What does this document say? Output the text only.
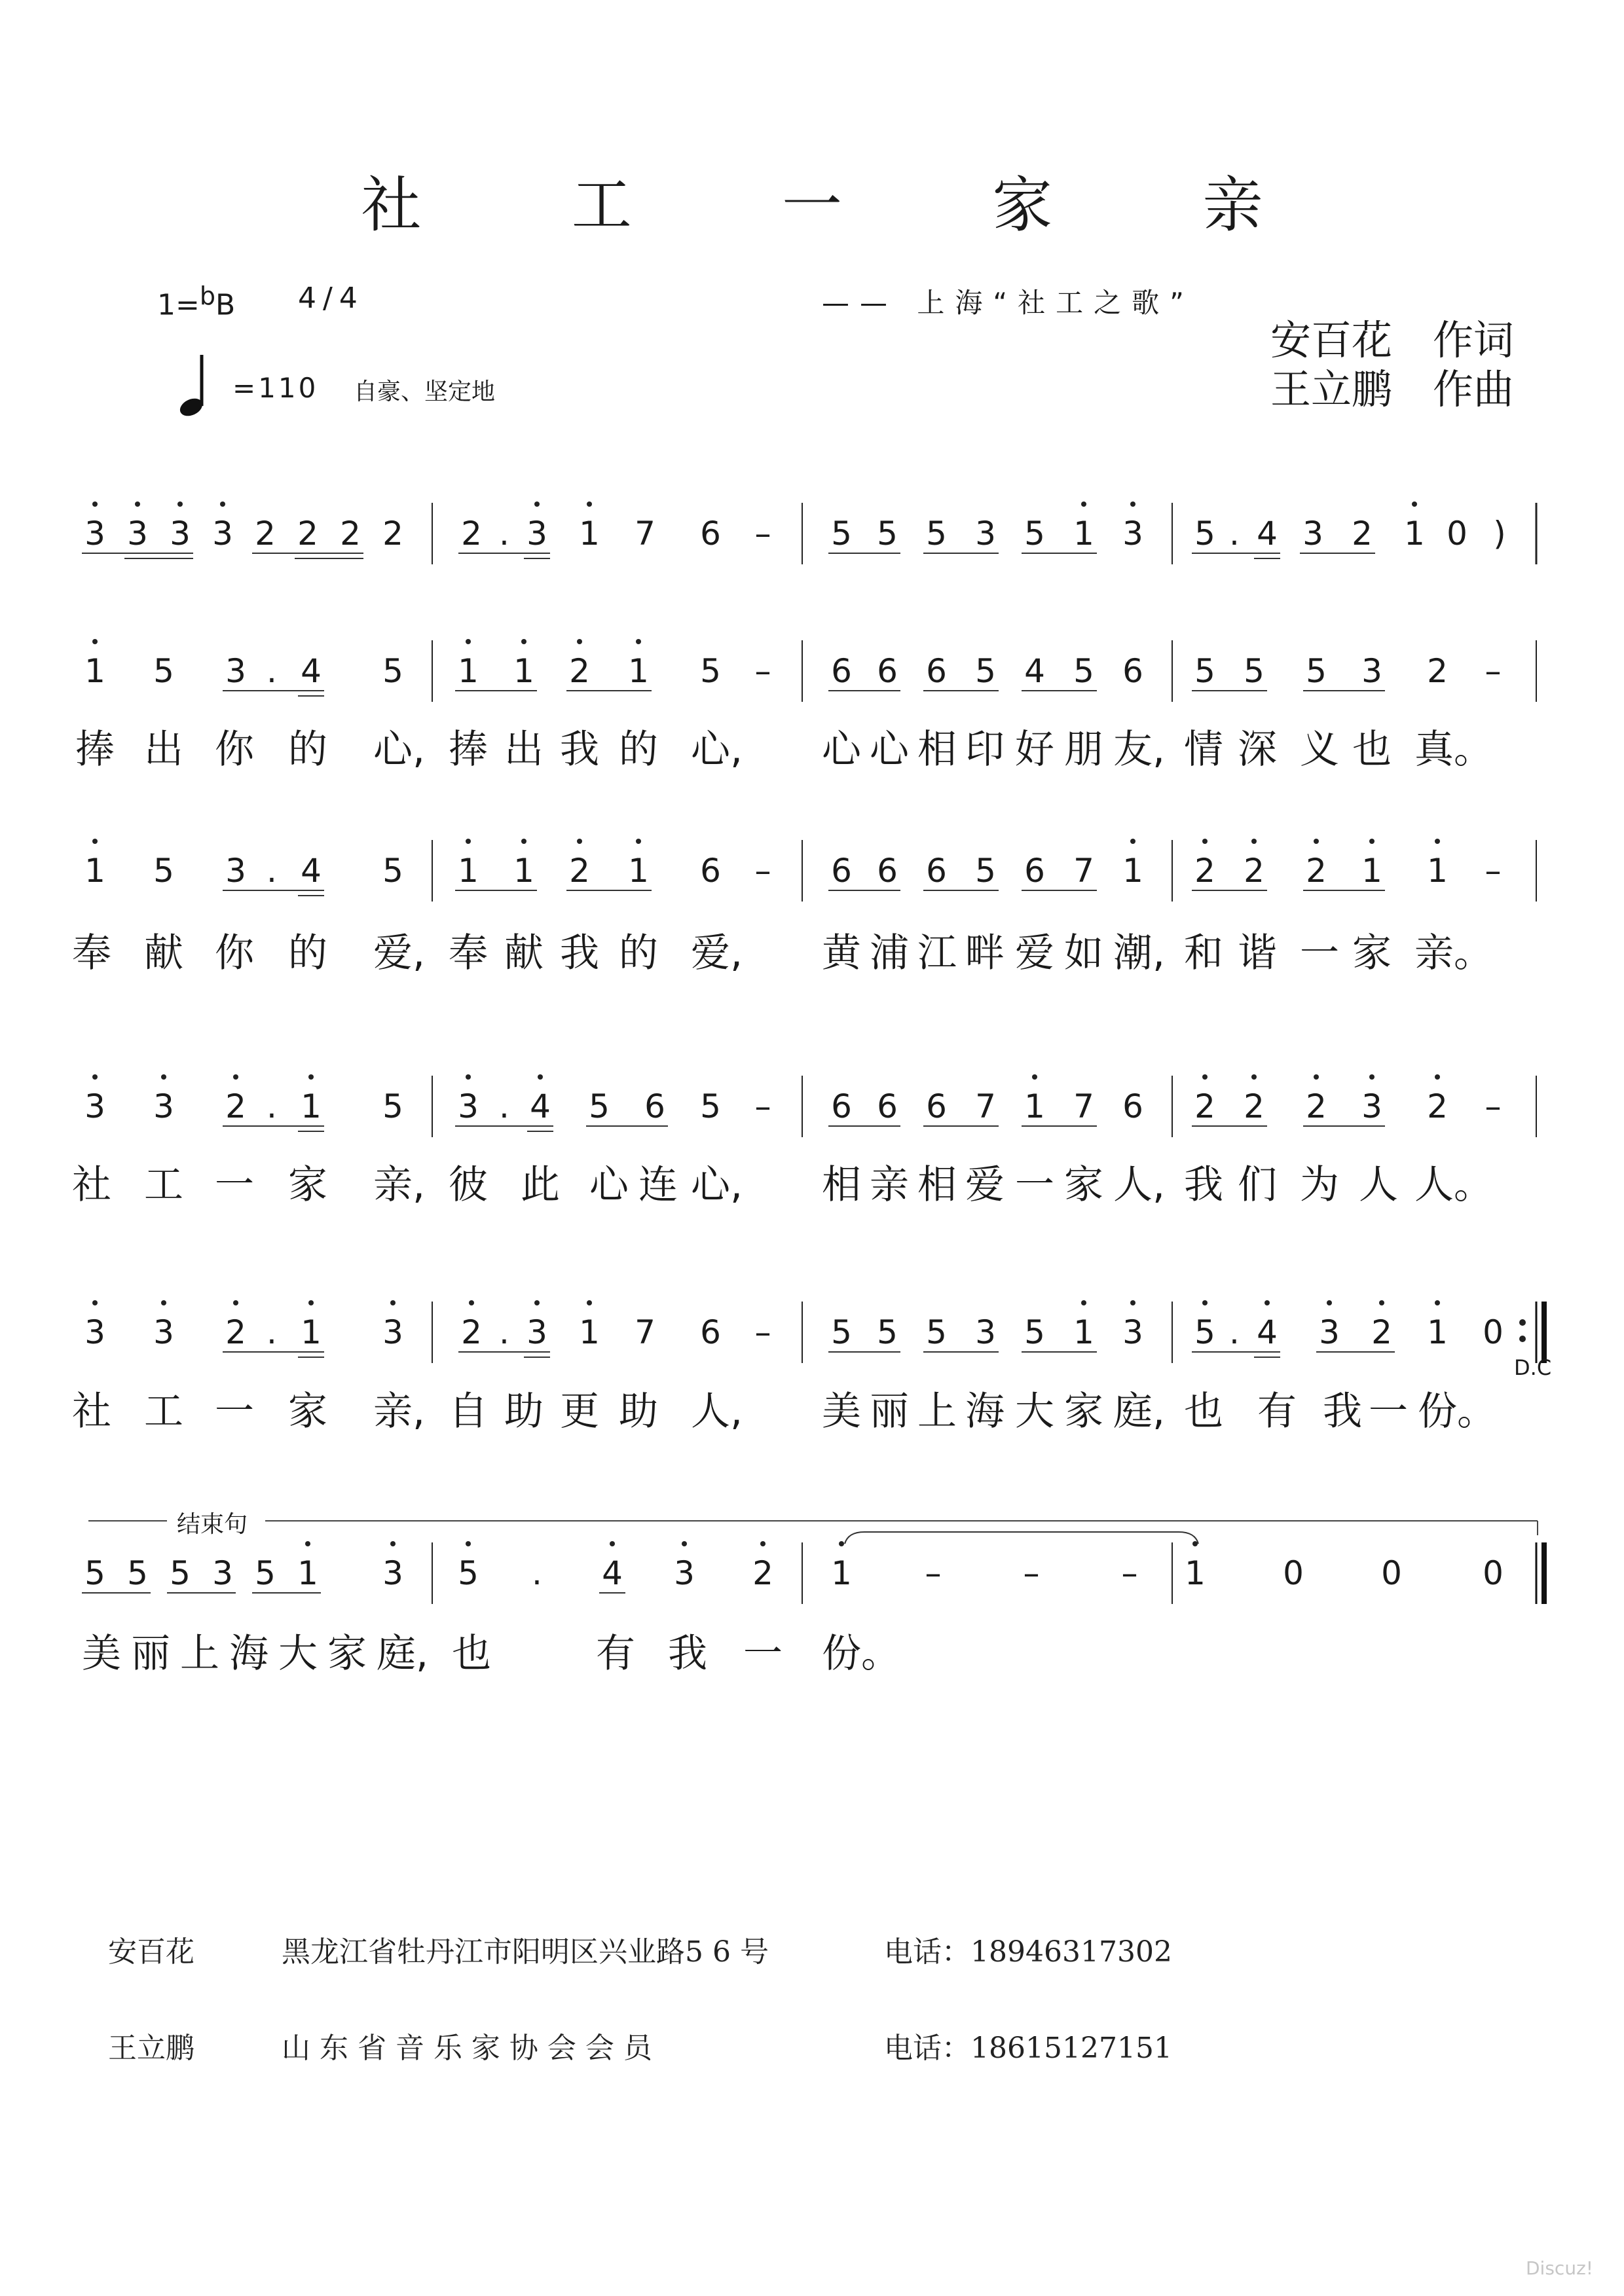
社 工 一 家 亲
1=$^b$B 4/4	—— 上海“社工之歌”
安百花　作词
王立鹏　作曲
=110 自豪、坚定地
3 3 3 3 2 2 2 2 2 . 3 1 7 6 – 5 5 5 3 5 1 3 5 . 4 3 2 1 0 )
1 5 3 . 4 5 1 1 2 1 5 – 6 6 6 5 4 5 6 5 5 5 3 2 –
捧 出 你 的 心, 捧 出 我 的 心, 心 心 相 印 好 朋 友, 情 深 义 也 真。
1 5 3 . 4 5 1 1 2 1 6 – 6 6 6 5 6 7 1 2 2 2 1 1 –
奉 献 你 的 爱, 奉 献 我 的 爱, 黄 浦 江 畔 爱 如 潮, 和 谐 一 家 亲。
3 3 2 . 1 5 3 . 4 5 6 5 – 6 6 6 7 1 7 6 2 2 2 3 2 –
社 工 一 家 亲, 彼 此 心 连 心, 相 亲 相 爱 一 家 人, 我 们 为 人 人。
3 3 2 . 1 3 2 . 3 1 7 6 – 5 5 5 3 5 1 3 5 . 4 3 2 1 0
D.C
社 工 一 家 亲, 自 助 更 助 人, 美 丽 上 海 大 家 庭, 也 有 我 一 份。
结束句
5 5 5 3 5 1 3 5 . 4 3 2 1 –	–	– 1 0 0 0
美 丽 上 海 大 家 庭, 也	有 我 一 份。
安百花	黑龙江省牡丹江市阳明区兴业路5 6 号	电话：18946317302
王立鹏	山 东 省 音 乐 家 协 会 会 员	电话：18615127151
Discuz!
